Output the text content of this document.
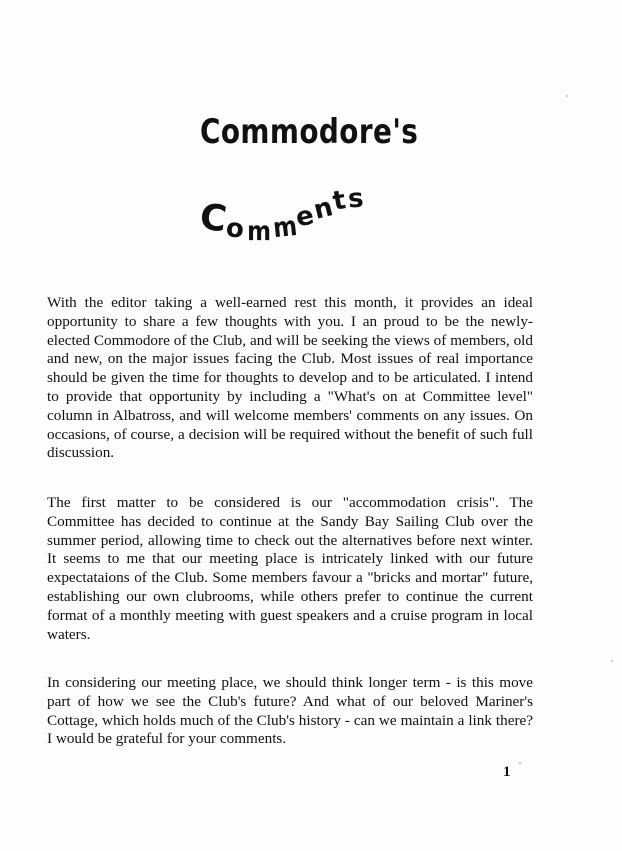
Commodore's
C
o m m
e
n
t s

With the editor taking a well-earned rest this month, it provides an ideal opportunity to share a few thoughts with you. I an proud to be the newly-elected Commodore of the Club, and will be seeking the views of members, old and new, on the major issues facing the Club. Most issues of real importance should be given the time for thoughts to develop and to be articulated. I intend to provide that opportunity by including a "What's on at Committee level" column in Albatross, and will welcome members' comments on any issues. On occasions, of course, a decision will be required without the benefit of such full discussion.

The first matter to be considered is our "accommodation crisis". The Committee has decided to continue at the Sandy Bay Sailing Club over the summer period, allowing time to check out the alternatives before next winter. It seems to me that our meeting place is intricately linked with our future expectataions of the Club. Some members favour a "bricks and mortar" future, establishing our own clubrooms, while others prefer to continue the current format of a monthly meeting with guest speakers and a cruise program in local waters.

In considering our meeting place, we should think longer term - is this move part of how we see the Club's future? And what of our beloved Mariner's Cottage, which holds much of the Club's history - can we maintain a link there? I would be grateful for your comments.

1
